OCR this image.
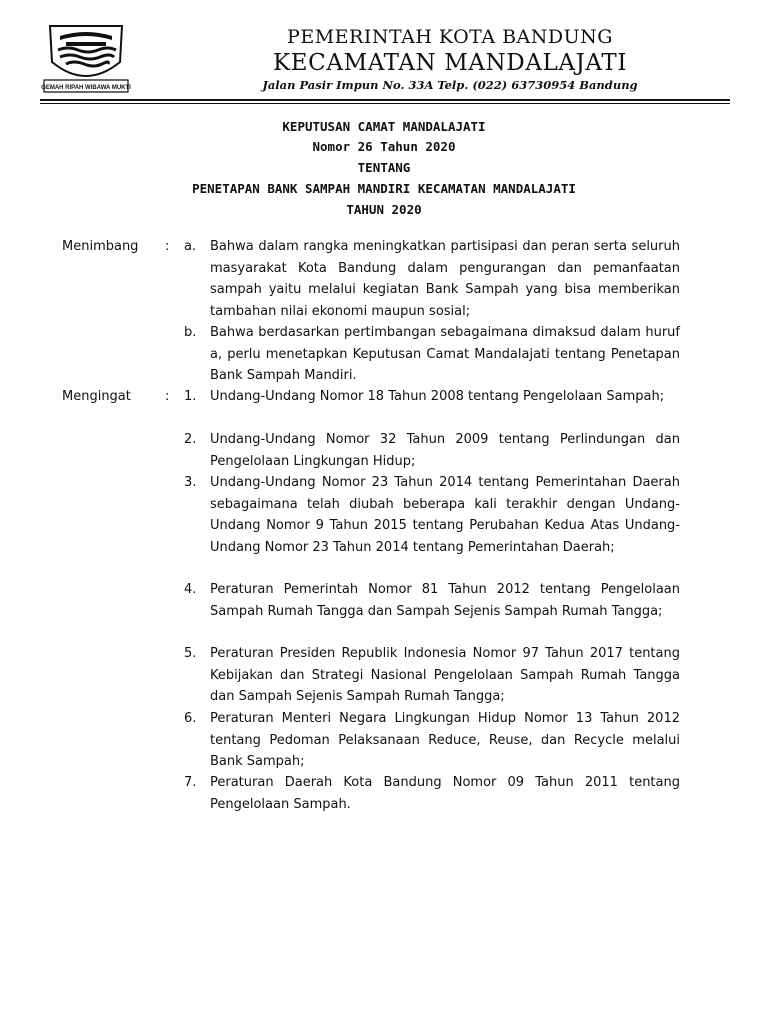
GEMAH RIPAH WIBAWA MUKTI
PEMERINTAH KOTA BANDUNG
KECAMATAN MANDALAJATI
Jalan Pasir Impun No. 33A Telp. (022) 63730954 Bandung
KEPUTUSAN CAMAT MANDALAJATI
Nomor 26 Tahun 2020
TENTANG
PENETAPAN BANK SAMPAH MANDIRI KECAMATAN MANDALAJATI
TAHUN 2020
Menimbang : a.	Bahwa dalam rangka meningkatkan partisipasi dan peran serta seluruh masyarakat Kota Bandung dalam pengurangan dan pemanfaatan sampah yaitu melalui kegiatan Bank Sampah yang bisa memberikan tambahan nilai ekonomi maupun sosial;
b.	Bahwa berdasarkan pertimbangan sebagaimana dimaksud dalam huruf a, perlu menetapkan Keputusan Camat Mandalajati tentang Penetapan Bank Sampah Mandiri.
Mengingat	: 1.	Undang-Undang Nomor 18 Tahun 2008 tentang Pengelolaan Sampah;
2.	Undang-Undang Nomor 32 Tahun 2009 tentang Perlindungan dan Pengelolaan Lingkungan Hidup;
3.	Undang-Undang Nomor 23 Tahun 2014 tentang Pemerintahan Daerah sebagaimana telah diubah beberapa kali terakhir dengan Undang-Undang Nomor 9 Tahun 2015 tentang Perubahan Kedua Atas Undang-Undang Nomor 23 Tahun 2014 tentang Pemerintahan Daerah;
4.	Peraturan Pemerintah Nomor 81 Tahun 2012 tentang Pengelolaan Sampah Rumah Tangga dan Sampah Sejenis Sampah Rumah Tangga;
5.	Peraturan Presiden Republik Indonesia Nomor 97 Tahun 2017 tentang Kebijakan dan Strategi Nasional Pengelolaan Sampah Rumah Tangga dan Sampah Sejenis Sampah Rumah Tangga;
6.	Peraturan Menteri Negara Lingkungan Hidup Nomor 13 Tahun 2012 tentang Pedoman Pelaksanaan Reduce, Reuse, dan Recycle melalui Bank Sampah;
7.	Peraturan Daerah Kota Bandung Nomor 09 Tahun 2011 tentang Pengelolaan Sampah.
